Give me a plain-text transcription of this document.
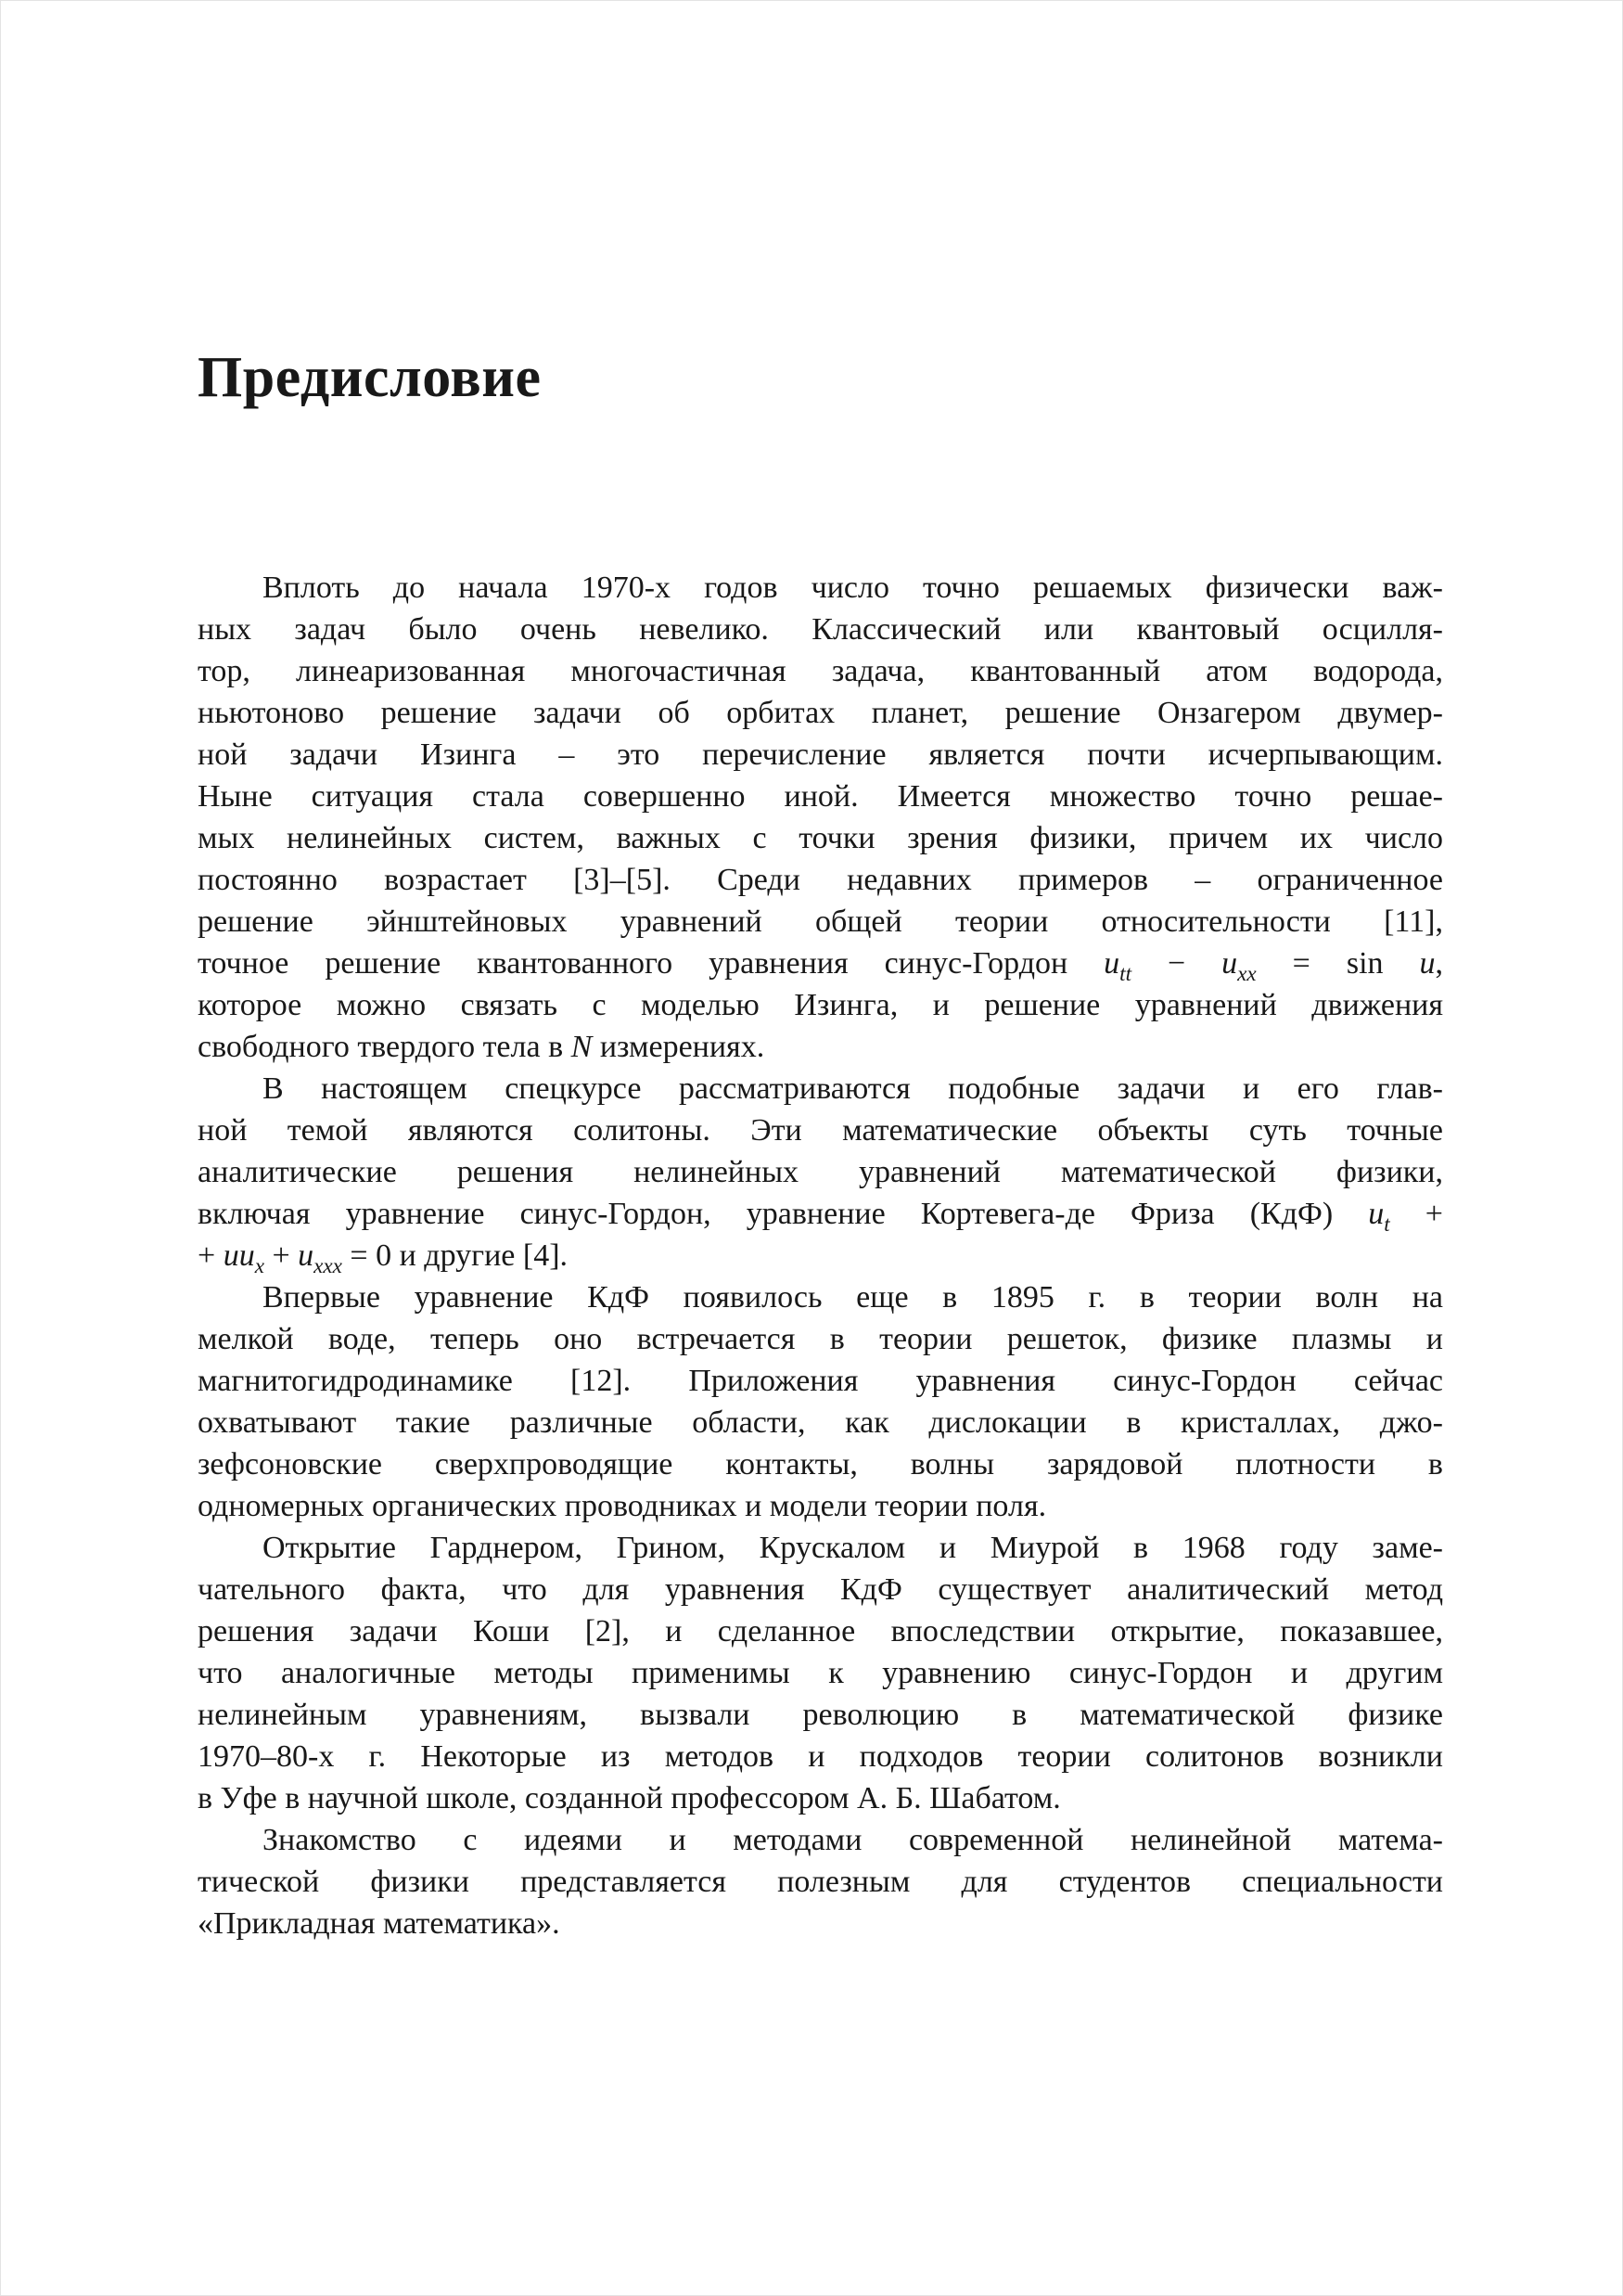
Предисловие
Вплоть до начала 1970-х годов число точно решаемых физически важ-
ных задач было очень невелико. Классический или квантовый осцилля-
тор, линеаризованная многочастичная задача, квантованный атом водорода,
ньютоново решение задачи об орбитах планет, решение Онзагером двумер-
ной задачи Изинга – это перечисление является почти исчерпывающим.
Ныне ситуация стала совершенно иной. Имеется множество точно решае-
мых нелинейных систем, важных с точки зрения физики, причем их число
постоянно возрастает [3]–[5]. Среди недавних примеров – ограниченное
решение эйнштейновых уравнений общей теории относительности [11],
точное решение квантованного уравнения синус-Гордон $u_{tt} - u_{xx} = \sin u$,
которое можно связать с моделью Изинга, и решение уравнений движения
свободного твердого тела в N измерениях.
В настоящем спецкурсе рассматриваются подобные задачи и его глав-
ной темой являются солитоны. Эти математические объекты суть точные
аналитические решения нелинейных уравнений математической физики,
включая уравнение синус-Гордон, уравнение Кортевега-де Фриза (КдФ) $u_t$ +
+ $uu_x + u_{xxx} = 0$ и другие [4].
Впервые уравнение КдФ появилось еще в 1895 г. в теории волн на
мелкой воде, теперь оно встречается в теории решеток, физике плазмы и
магнитогидродинамике [12]. Приложения уравнения синус-Гордон сейчас
охватывают такие различные области, как дислокации в кристаллах, джо-
зефсоновские сверхпроводящие контакты, волны зарядовой плотности в
одномерных органических проводниках и модели теории поля.
Открытие Гарднером, Грином, Крускалом и Миурой в 1968 году заме-
чательного факта, что для уравнения КдФ существует аналитический метод
решения задачи Коши [2], и сделанное впоследствии открытие, показавшее,
что аналогичные методы применимы к уравнению синус-Гордон и другим
нелинейным уравнениям, вызвали революцию в математической физике
1970–80-х г. Некоторые из методов и подходов теории солитонов возникли
в Уфе в научной школе, созданной профессором А. Б. Шабатом.
Знакомство с идеями и методами современной нелинейной матема-
тической физики представляется полезным для студентов специальности
«Прикладная математика».
